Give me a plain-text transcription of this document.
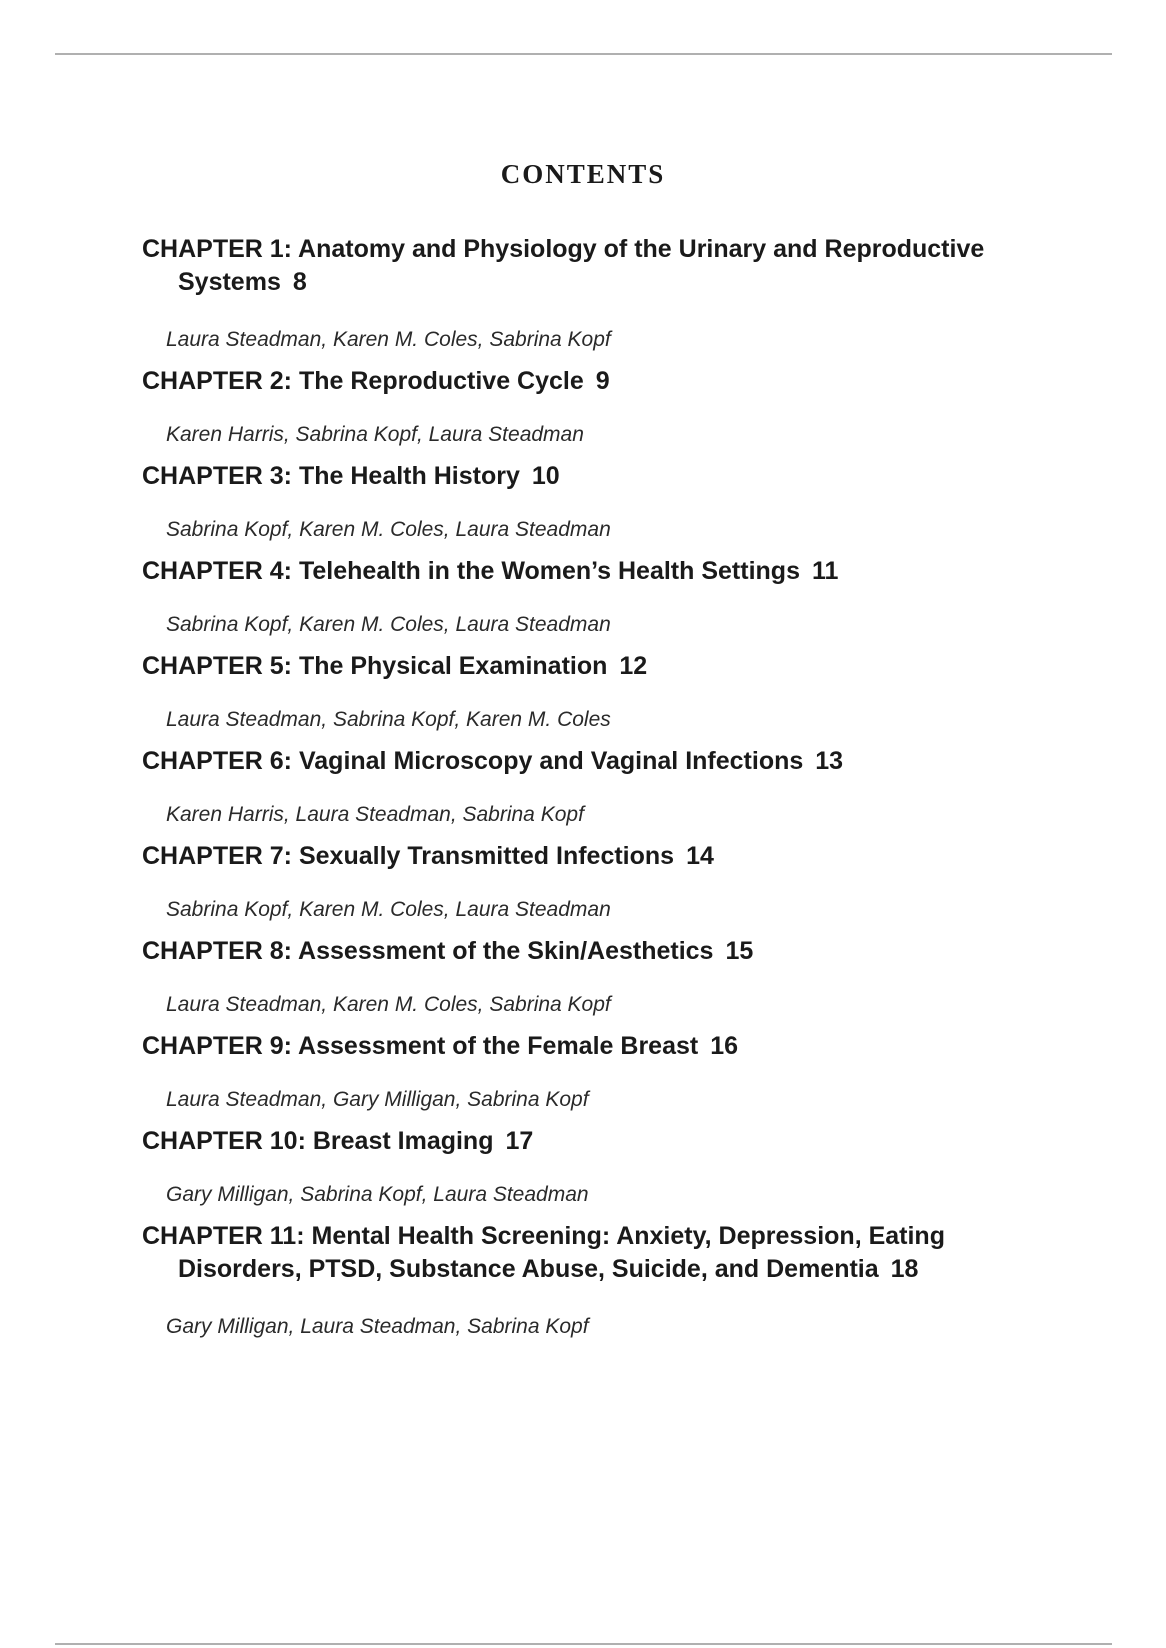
CONTENTS

CHAPTER 1: Anatomy and Physiology of the Urinary and Reproductive Systems 8

Laura Steadman, Karen M. Coles, Sabrina Kopf

CHAPTER 2: The Reproductive Cycle 9

Karen Harris, Sabrina Kopf, Laura Steadman

CHAPTER 3: The Health History 10

Sabrina Kopf, Karen M. Coles, Laura Steadman

CHAPTER 4: Telehealth in the Women’s Health Settings 11

Sabrina Kopf, Karen M. Coles, Laura Steadman

CHAPTER 5: The Physical Examination 12

Laura Steadman, Sabrina Kopf, Karen M. Coles

CHAPTER 6: Vaginal Microscopy and Vaginal Infections 13

Karen Harris, Laura Steadman, Sabrina Kopf

CHAPTER 7: Sexually Transmitted Infections 14

Sabrina Kopf, Karen M. Coles, Laura Steadman

CHAPTER 8: Assessment of the Skin/Aesthetics 15

Laura Steadman, Karen M. Coles, Sabrina Kopf

CHAPTER 9: Assessment of the Female Breast 16

Laura Steadman, Gary Milligan, Sabrina Kopf

CHAPTER 10: Breast Imaging 17

Gary Milligan, Sabrina Kopf, Laura Steadman

CHAPTER 11: Mental Health Screening: Anxiety, Depression, Eating Disorders, PTSD, Substance Abuse, Suicide, and Dementia 18

Gary Milligan, Laura Steadman, Sabrina Kopf
